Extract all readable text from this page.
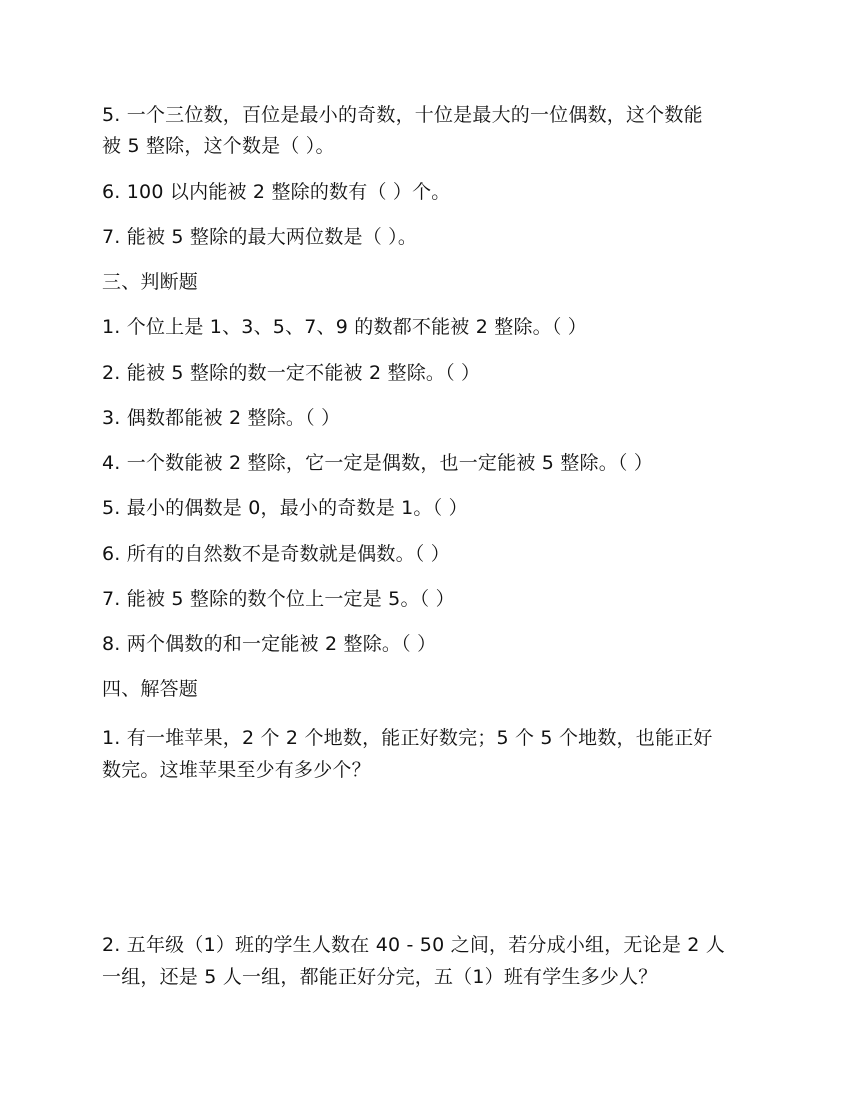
5. 一个三位数，百位是最小的奇数，十位是最大的一位偶数，这个数能
被 5 整除，这个数是（ ）。
6. 100 以内能被 2 整除的数有（ ）个。
7. 能被 5 整除的最大两位数是（ ）。
三、判断题
1. 个位上是 1、3、5、7、9 的数都不能被 2 整除。（ ）
2. 能被 5 整除的数一定不能被 2 整除。（ ）
3. 偶数都能被 2 整除。（ ）
4. 一个数能被 2 整除，它一定是偶数，也一定能被 5 整除。（ ）
5. 最小的偶数是 0，最小的奇数是 1。（ ）
6. 所有的自然数不是奇数就是偶数。（ ）
7. 能被 5 整除的数个位上一定是 5。（ ）
8. 两个偶数的和一定能被 2 整除。（ ）
四、解答题
1. 有一堆苹果，2 个 2 个地数，能正好数完；5 个 5 个地数，也能正好
数完。这堆苹果至少有多少个？
2. 五年级（1）班的学生人数在 40 - 50 之间，若分成小组，无论是 2 人
一组，还是 5 人一组，都能正好分完，五（1）班有学生多少人？
